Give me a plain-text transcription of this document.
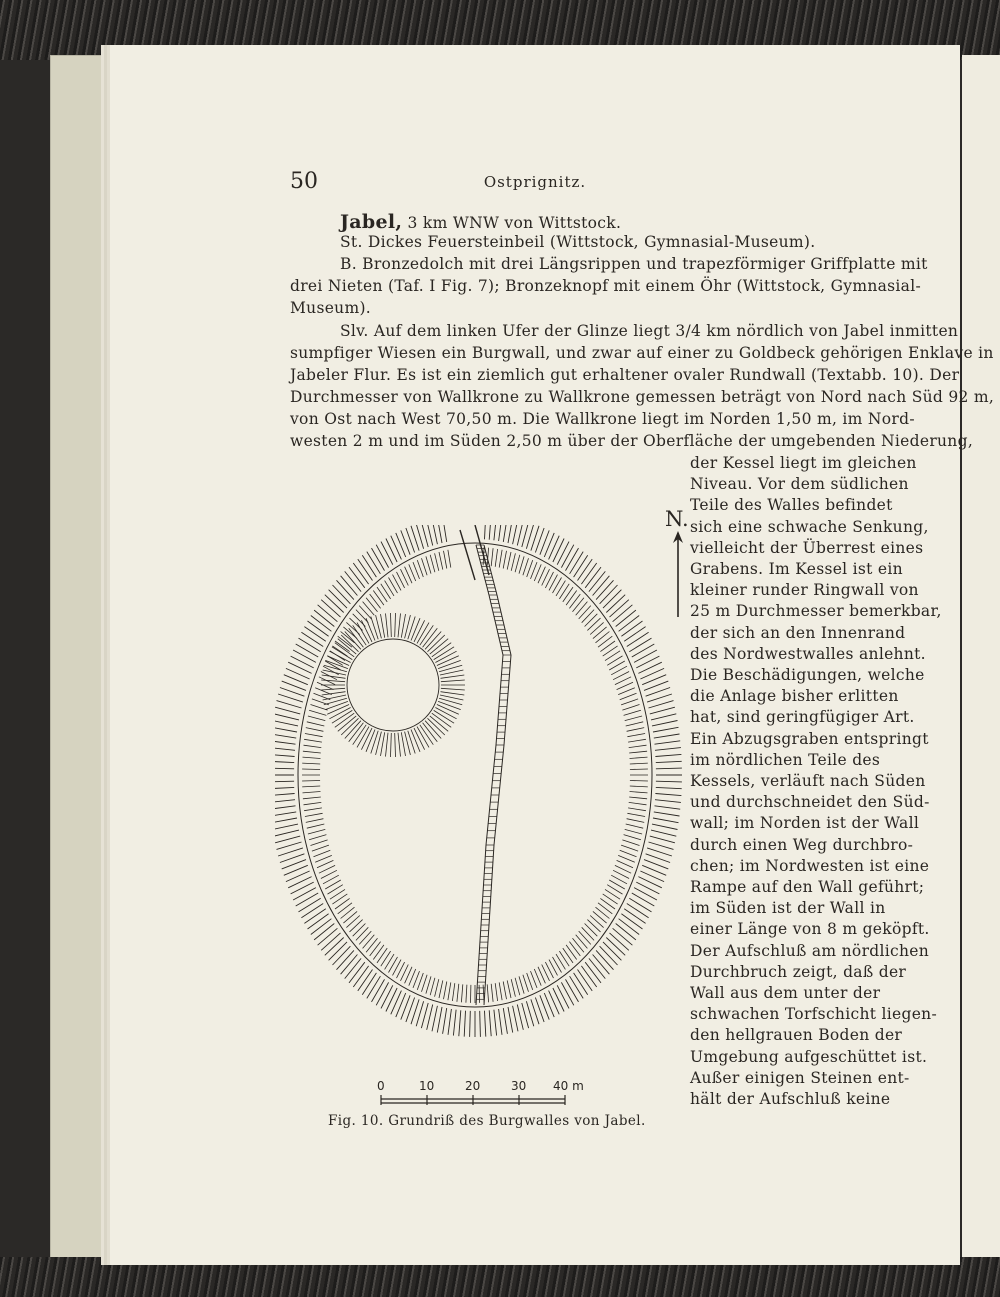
50	Ostprignitz.
Jabel, 3 km WNW von Wittstock.
St. Dickes Feuersteinbeil (Wittstock, Gymnasial-Museum).
B. Bronzedolch mit drei Längsrippen und trapezförmiger Griffplatte mit
drei Nieten (Taf. I Fig. 7); Bronzeknopf mit einem Öhr (Wittstock, Gymnasial-
Museum).
Slv. Auf dem linken Ufer der Glinze liegt 3/4 km nördlich von Jabel inmitten
sumpfiger Wiesen ein Burgwall, und zwar auf einer zu Goldbeck gehörigen Enklave in
Jabeler Flur. Es ist ein ziemlich gut erhaltener ovaler Rundwall (Textabb. 10). Der
Durchmesser von Wallkrone zu Wallkrone gemessen beträgt von Nord nach Süd 92 m,
von Ost nach West 70,50 m. Die Wallkrone liegt im Norden 1,50 m, im Nord-
westen 2 m und im Süden 2,50 m über der Oberfläche der umgebenden Niederung,
der Kessel liegt im gleichen
Niveau. Vor dem südlichen
Teile des Walles befindet
sich eine schwache Senkung,
vielleicht der Überrest eines
Grabens. Im Kessel ist ein
kleiner runder Ringwall von
25 m Durchmesser bemerkbar,
der sich an den Innenrand
des Nordwestwalles anlehnt.
Die Beschädigungen, welche
die Anlage bisher erlitten
hat, sind geringfügiger Art.
Ein Abzugsgraben entspringt
im nördlichen Teile des
Kessels, verläuft nach Süden
und durchschneidet den Süd-
wall; im Norden ist der Wall
durch einen Weg durchbro-
chen; im Nordwesten ist eine
Rampe auf den Wall geführt;
im Süden ist der Wall in
einer Länge von 8 m geköpft.
Der Aufschluß am nördlichen
Durchbruch zeigt, daß der
Wall aus dem unter der
schwachen Torfschicht liegen-
den hellgrauen Boden der
Umgebung aufgeschüttet ist.
Außer einigen Steinen ent-
hält der Aufschluß keine
N.
0	10	20	30 40 m
Fig. 10. Grundriß des Burgwalles von Jabel.
